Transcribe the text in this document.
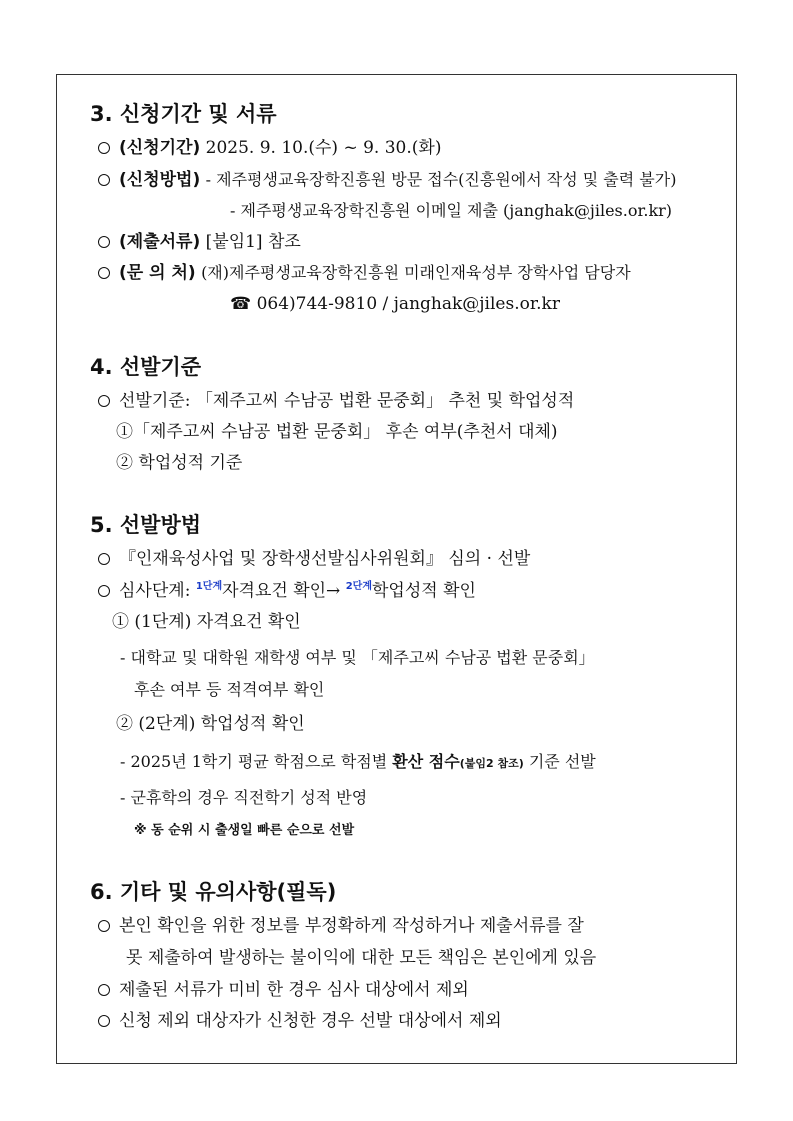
3. 신청기간 및 서류
(신청기간) 2025. 9. 10.(수) ~ 9. 30.(화)
(신청방법) - 제주평생교육장학진흥원 방문 접수(진흥원에서 작성 및 출력 불가)
- 제주평생교육장학진흥원 이메일 제출 (janghak@jiles.or.kr)
(제출서류) [붙임1] 참조
(문 의 처) (재)제주평생교육장학진흥원 미래인재육성부 장학사업 담당자
☎ 064)744-9810 / janghak@jiles.or.kr
4. 선발기준
선발기준: 「제주고씨 수남공 법환 문중회」 추천 및 학업성적
①「제주고씨 수남공 법환 문중회」 후손 여부(추천서 대체)
② 학업성적 기준
5. 선발방법
『인재육성사업 및 장학생선발심사위원회』 심의 · 선발
심사단계: $^{1단계}$자격요건 확인→ $^{2단계}$학업성적 확인
① (1단계) 자격요건 확인
- 대학교 및 대학원 재학생 여부 및 「제주고씨 수남공 법환 문중회」
후손 여부 등 적격여부 확인
② (2단계) 학업성적 확인
- 2025년 1학기 평균 학점으로 학점별 환산 점수(붙임2 참조) 기준 선발
- 군휴학의 경우 직전학기 성적 반영
※ 동 순위 시 출생일 빠른 순으로 선발
6. 기타 및 유의사항(필독)
본인 확인을 위한 정보를 부정확하게 작성하거나 제출서류를 잘
못 제출하여 발생하는 불이익에 대한 모든 책임은 본인에게 있음
제출된 서류가 미비 한 경우 심사 대상에서 제외
신청 제외 대상자가 신청한 경우 선발 대상에서 제외
